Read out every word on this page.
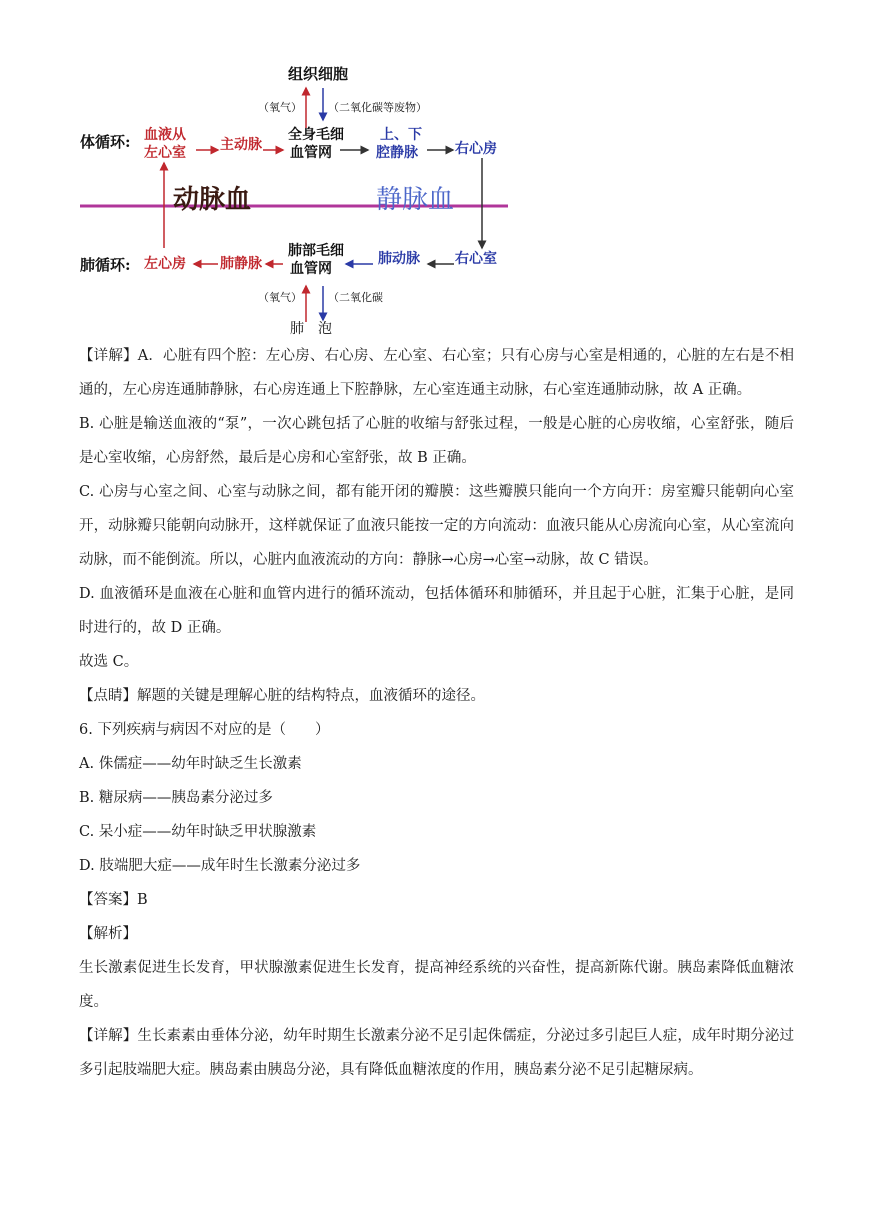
组织细胞
（氧气） （二氧化碳等废物）
体循环: 血液从
左心室 主动脉
全身毛细
血管网
上、下
腔静脉	右心房
动脉血	静脉血
肺循环: 左心房 肺静脉
肺部毛细
血管网
肺动脉	右心室
（氧气） （二氧化碳
肺　泡

【详解】A．心脏有四个腔：左心房、右心房、左心室、右心室；只有心房与心室是相通的，心脏的左右是不相通的，左心房连通肺静脉，右心房连通上下腔静脉，左心室连通主动脉，右心室连通肺动脉，故 A 正确。

B. 心脏是输送血液的“泵”，一次心跳包括了心脏的收缩与舒张过程，一般是心脏的心房收缩，心室舒张，随后是心室收缩，心房舒然，最后是心房和心室舒张，故 B 正确。

C. 心房与心室之间、心室与动脉之间，都有能开闭的瓣膜：这些瓣膜只能向一个方向开：房室瓣只能朝向心室开，动脉瓣只能朝向动脉开，这样就保证了血液只能按一定的方向流动：血液只能从心房流向心室，从心室流向动脉，而不能倒流。所以，心脏内血液流动的方向：静脉→心房→心室→动脉，故 C 错误。

D. 血液循环是血液在心脏和血管内进行的循环流动，包括体循环和肺循环，并且起于心脏，汇集于心脏，是同时进行的，故 D 正确。

故选 C。

【点睛】解题的关键是理解心脏的结构特点，血液循环的途径。

6. 下列疾病与病因不对应的是（　　）

A. 侏儒症——幼年时缺乏生长激素

B. 糖尿病——胰岛素分泌过多

C. 呆小症——幼年时缺乏甲状腺激素

D. 肢端肥大症——成年时生长激素分泌过多

【答案】B

【解析】

生长激素促进生长发育，甲状腺激素促进生长发育，提高神经系统的兴奋性，提高新陈代谢。胰岛素降低血糖浓度。

【详解】生长素素由垂体分泌，幼年时期生长激素分泌不足引起侏儒症，分泌过多引起巨人症，成年时期分泌过多引起肢端肥大症。胰岛素由胰岛分泌，具有降低血糖浓度的作用，胰岛素分泌不足引起糖尿病。
